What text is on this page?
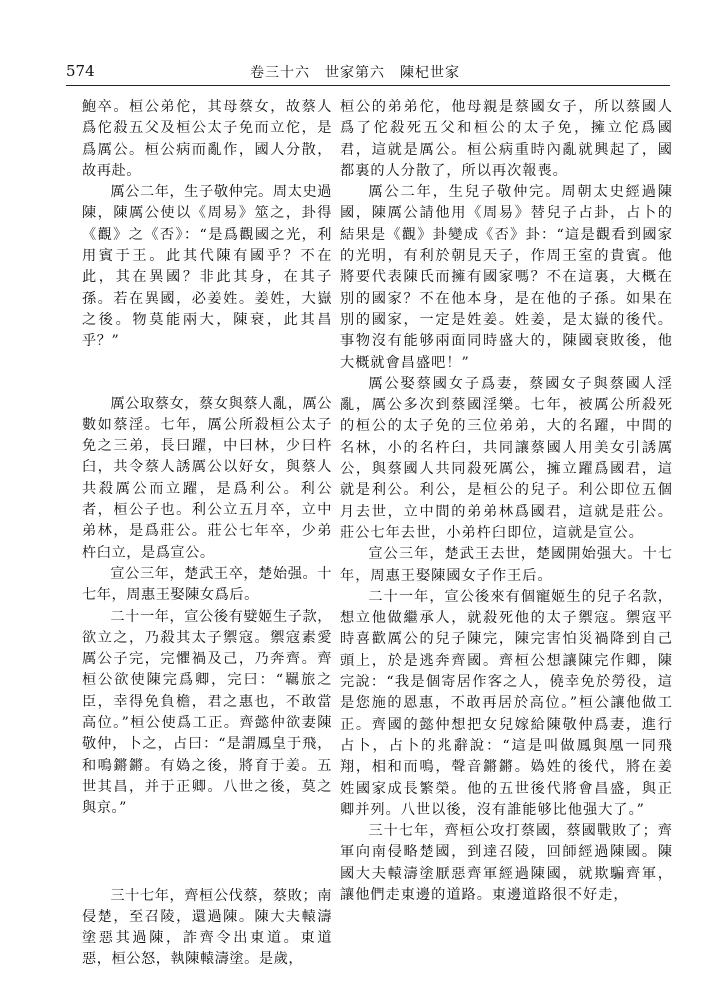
574	卷三十六　世家第六　陳杞世家

鮑卒。桓公弟佗，其母蔡女，故蔡人爲佗殺五父及桓公太子免而立佗，是爲厲公。桓公病而亂作，國人分散，故再赴。

厲公二年，生子敬仲完。周太史過陳，陳厲公使以《周易》筮之，卦得《觀》之《否》：“是爲觀國之光，利用賓于王。此其代陳有國乎？不在此，其在異國？非此其身，在其子孫。若在異國，必姜姓。姜姓，大嶽之後。物莫能兩大，陳衰，此其昌乎？”

厲公取蔡女，蔡女與蔡人亂，厲公數如蔡淫。七年，厲公所殺桓公太子免之三弟，長曰躍，中曰林，少曰杵臼，共令蔡人誘厲公以好女，與蔡人共殺厲公而立躍，是爲利公。利公者，桓公子也。利公立五月卒，立中弟林，是爲莊公。莊公七年卒，少弟杵臼立，是爲宣公。

宣公三年，楚武王卒，楚始强。十七年，周惠王娶陳女爲后。

二十一年，宣公後有嬖姬生子款，欲立之，乃殺其太子禦寇。禦寇素愛厲公子完，完懼禍及己，乃奔齊。齊桓公欲使陳完爲卿，完曰：“羈旅之臣，幸得免負檐，君之惠也，不敢當高位。”桓公使爲工正。齊懿仲欲妻陳敬仲，卜之，占曰：“是謂鳳皇于飛，和鳴鏘鏘。有媯之後，將育于姜。五世其昌，并于正卿。八世之後，莫之與京。”

三十七年，齊桓公伐蔡，蔡敗；南侵楚，至召陵，還過陳。陳大夫轅濤塗惡其過陳，詐齊令出東道。東道惡，桓公怒，執陳轅濤塗。是歲，

桓公的弟弟佗，他母親是蔡國女子，所以蔡國人爲了佗殺死五父和桓公的太子免，擁立佗爲國君，這就是厲公。桓公病重時內亂就興起了，國都裏的人分散了，所以再次報喪。

厲公二年，生兒子敬仲完。周朝太史經過陳國，陳厲公請他用《周易》替兒子占卦，占卜的結果是《觀》卦變成《否》卦：“這是觀看到國家的光明，有利於朝見天子，作周王室的貴賓。他將要代表陳氏而擁有國家嗎？不在這裏，大概在別的國家？不在他本身，是在他的子孫。如果在別的國家，一定是姓姜。姓姜，是太嶽的後代。事物沒有能够兩面同時盛大的，陳國衰敗後，他大概就會昌盛吧！”

厲公娶蔡國女子爲妻，蔡國女子與蔡國人淫亂，厲公多次到蔡國淫樂。七年，被厲公所殺死的桓公的太子免的三位弟弟，大的名躍，中間的名林，小的名杵臼，共同讓蔡國人用美女引誘厲公，與蔡國人共同殺死厲公，擁立躍爲國君，這就是利公。利公，是桓公的兒子。利公即位五個月去世，立中間的弟弟林爲國君，這就是莊公。莊公七年去世，小弟杵臼即位，這就是宣公。

宣公三年，楚武王去世，楚國開始强大。十七年，周惠王娶陳國女子作王后。

二十一年，宣公後來有個寵姬生的兒子名款，想立他做繼承人，就殺死他的太子禦寇。禦寇平時喜歡厲公的兒子陳完，陳完害怕災禍降到自己頭上，於是逃奔齊國。齊桓公想讓陳完作卿，陳完說：“我是個寄居作客之人，僥幸免於勞役，這是您施的恩惠，不敢再居於高位。”桓公讓他做工正。齊國的懿仲想把女兒嫁給陳敬仲爲妻，進行占卜，占卜的兆辭說：“這是叫做鳳與凰一同飛翔，相和而鳴，聲音鏘鏘。媯姓的後代，將在姜姓國家成長繁榮。他的五世後代將會昌盛，與正卿并列。八世以後，沒有誰能够比他强大了。”

三十七年，齊桓公攻打蔡國，蔡國戰敗了；齊軍向南侵略楚國，到達召陵，回師經過陳國。陳國大夫轅濤塗厭惡齊軍經過陳國，就欺騙齊軍，讓他們走東邊的道路。東邊道路很不好走，
